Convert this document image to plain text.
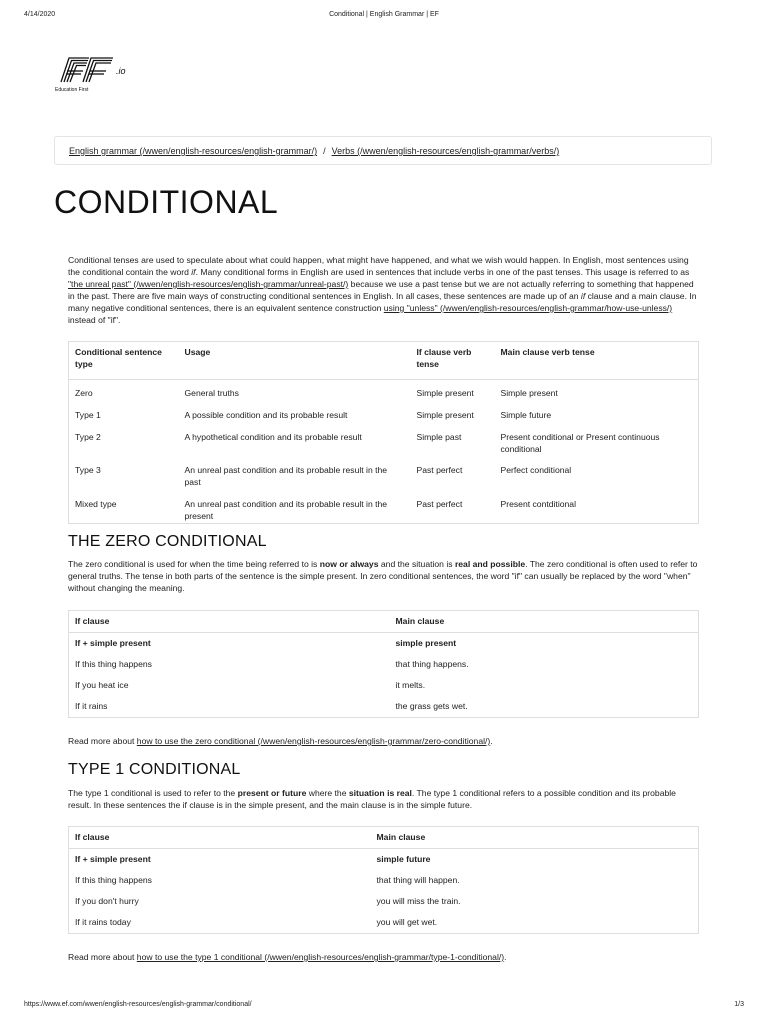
4/14/2020	Conditional | English Grammar | EF
.io
Education First
English grammar (/wwen/english-resources/english-grammar/) / Verbs (/wwen/english-resources/english-grammar/verbs/)
CONDITIONAL

Conditional tenses are used to speculate about what could happen, what might have happened, and what we wish would happen. In English, most sentences using the conditional contain the word if. Many conditional forms in English are used in sentences that include verbs in one of the past tenses. This usage is referred to as "the unreal past" (/wwen/english-resources/english-grammar/unreal-past/) because we use a past tense but we are not actually referring to something that happened in the past. There are five main ways of constructing conditional sentences in English. In all cases, these sentences are made up of an if clause and a main clause. In many negative conditional sentences, there is an equivalent sentence construction using "unless" (/wwen/english-resources/english-grammar/how-use-unless/) instead of "if".

Conditional sentence type	Usage	If clause verb tense	Main clause verb tense
Zero	General truths	Simple present	Simple present
Type 1	A possible condition and its probable result	Simple present	Simple future
Type 2	A hypothetical condition and its probable result	Simple past	Present conditional or Present continuous conditional
Type 3	An unreal past condition and its probable result in the past	Past perfect	Perfect conditional
Mixed type	An unreal past condition and its probable result in the present	Past perfect	Present contditional
THE ZERO CONDITIONAL

The zero conditional is used for when the time being referred to is now or always and the situation is real and possible. The zero conditional is often used to refer to general truths. The tense in both parts of the sentence is the simple present. In zero conditional sentences, the word "if" can usually be replaced by the word "when" without changing the meaning.

If clause	Main clause
If + simple present	simple present
If this thing happens	that thing happens.
If you heat ice	it melts.
If it rains	the grass gets wet.

Read more about how to use the zero conditional (/wwen/english-resources/english-grammar/zero-conditional/).

TYPE 1 CONDITIONAL

The type 1 conditional is used to refer to the present or future where the situation is real. The type 1 conditional refers to a possible condition and its probable result. In these sentences the if clause is in the simple present, and the main clause is in the simple future.

If clause	Main clause
If + simple present	simple future
If this thing happens	that thing will happen.
If you don't hurry	you will miss the train.
If it rains today	you will get wet.

Read more about how to use the type 1 conditional (/wwen/english-resources/english-grammar/type-1-conditional/).

https://www.ef.com/wwen/english-resources/english-grammar/conditional/	1/3
